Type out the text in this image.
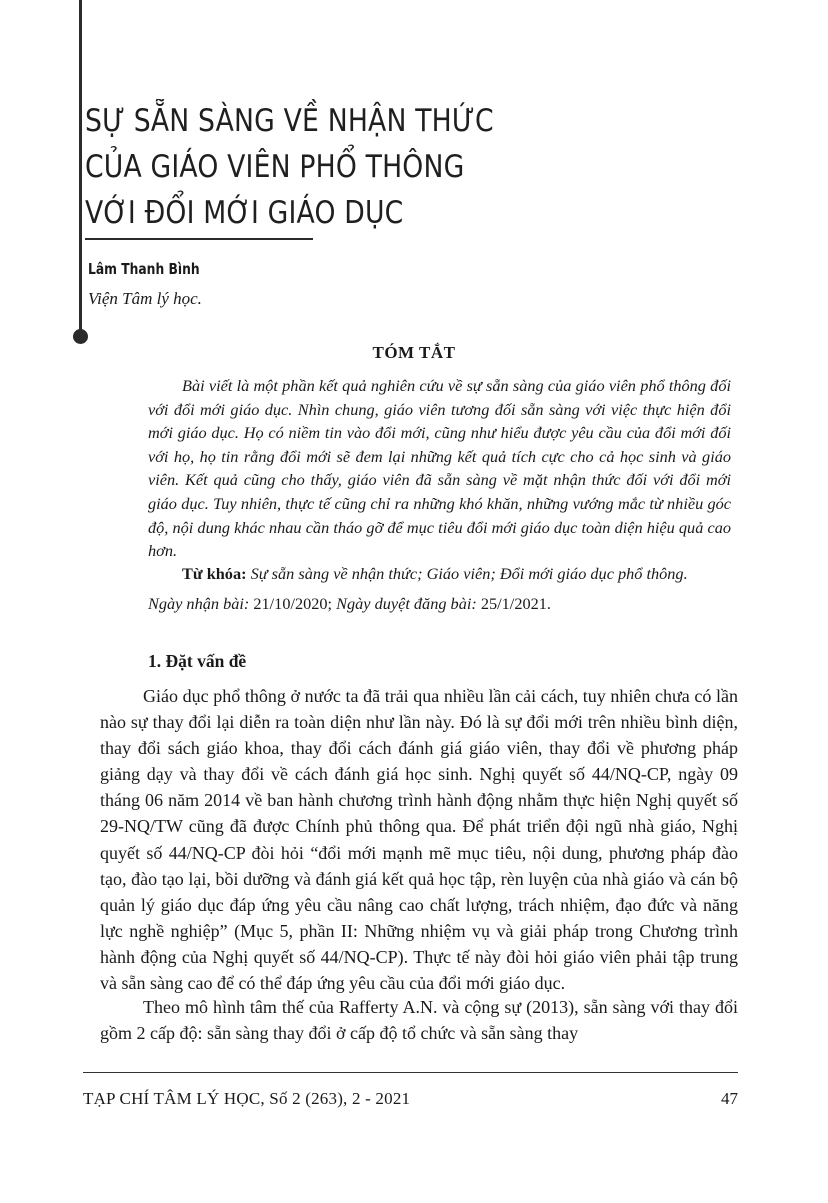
SỰ SẴN SÀNG VỀ NHẬN THỨC
CỦA GIÁO VIÊN PHỔ THÔNG
VỚI ĐỔI MỚI GIÁO DỤC
Lâm Thanh Bình
Viện Tâm lý học.
TÓM TẮT

Bài viết là một phần kết quả nghiên cứu về sự sẵn sàng của giáo viên phổ thông đối với đổi mới giáo dục. Nhìn chung, giáo viên tương đối sẵn sàng với việc thực hiện đổi mới giáo dục. Họ có niềm tin vào đổi mới, cũng như hiểu được yêu cầu của đổi mới đối với họ, họ tin rằng đổi mới sẽ đem lại những kết quả tích cực cho cả học sinh và giáo viên. Kết quả cũng cho thấy, giáo viên đã sẵn sàng về mặt nhận thức đối với đổi mới giáo dục. Tuy nhiên, thực tế cũng chỉ ra những khó khăn, những vướng mắc từ nhiều góc độ, nội dung khác nhau cần tháo gỡ để mục tiêu đổi mới giáo dục toàn diện hiệu quả cao hơn.

Từ khóa: Sự sẵn sàng về nhận thức; Giáo viên; Đổi mới giáo dục phổ thông.
Ngày nhận bài: 21/10/2020; Ngày duyệt đăng bài: 25/1/2021.
1. Đặt vấn đề

Giáo dục phổ thông ở nước ta đã trải qua nhiều lần cải cách, tuy nhiên chưa có lần nào sự thay đổi lại diễn ra toàn diện như lần này. Đó là sự đổi mới trên nhiều bình diện, thay đổi sách giáo khoa, thay đổi cách đánh giá giáo viên, thay đổi về phương pháp giảng dạy và thay đổi về cách đánh giá học sinh. Nghị quyết số 44/NQ-CP, ngày 09 tháng 06 năm 2014 về ban hành chương trình hành động nhằm thực hiện Nghị quyết số 29-NQ/TW cũng đã được Chính phủ thông qua. Để phát triển đội ngũ nhà giáo, Nghị quyết số 44/NQ-CP đòi hỏi “đổi mới mạnh mẽ mục tiêu, nội dung, phương pháp đào tạo, đào tạo lại, bồi dưỡng và đánh giá kết quả học tập, rèn luyện của nhà giáo và cán bộ quản lý giáo dục đáp ứng yêu cầu nâng cao chất lượng, trách nhiệm, đạo đức và năng lực nghề nghiệp” (Mục 5, phần II: Những nhiệm vụ và giải pháp trong Chương trình hành động của Nghị quyết số 44/NQ-CP). Thực tế này đòi hỏi giáo viên phải tập trung và sẵn sàng cao để có thể đáp ứng yêu cầu của đổi mới giáo dục.

Theo mô hình tâm thế của Rafferty A.N. và cộng sự (2013), sẵn sàng với thay đổi gồm 2 cấp độ: sẵn sàng thay đổi ở cấp độ tổ chức và sẵn sàng thay

TẠP CHÍ TÂM LÝ HỌC, Số 2 (263), 2 - 2021	47
